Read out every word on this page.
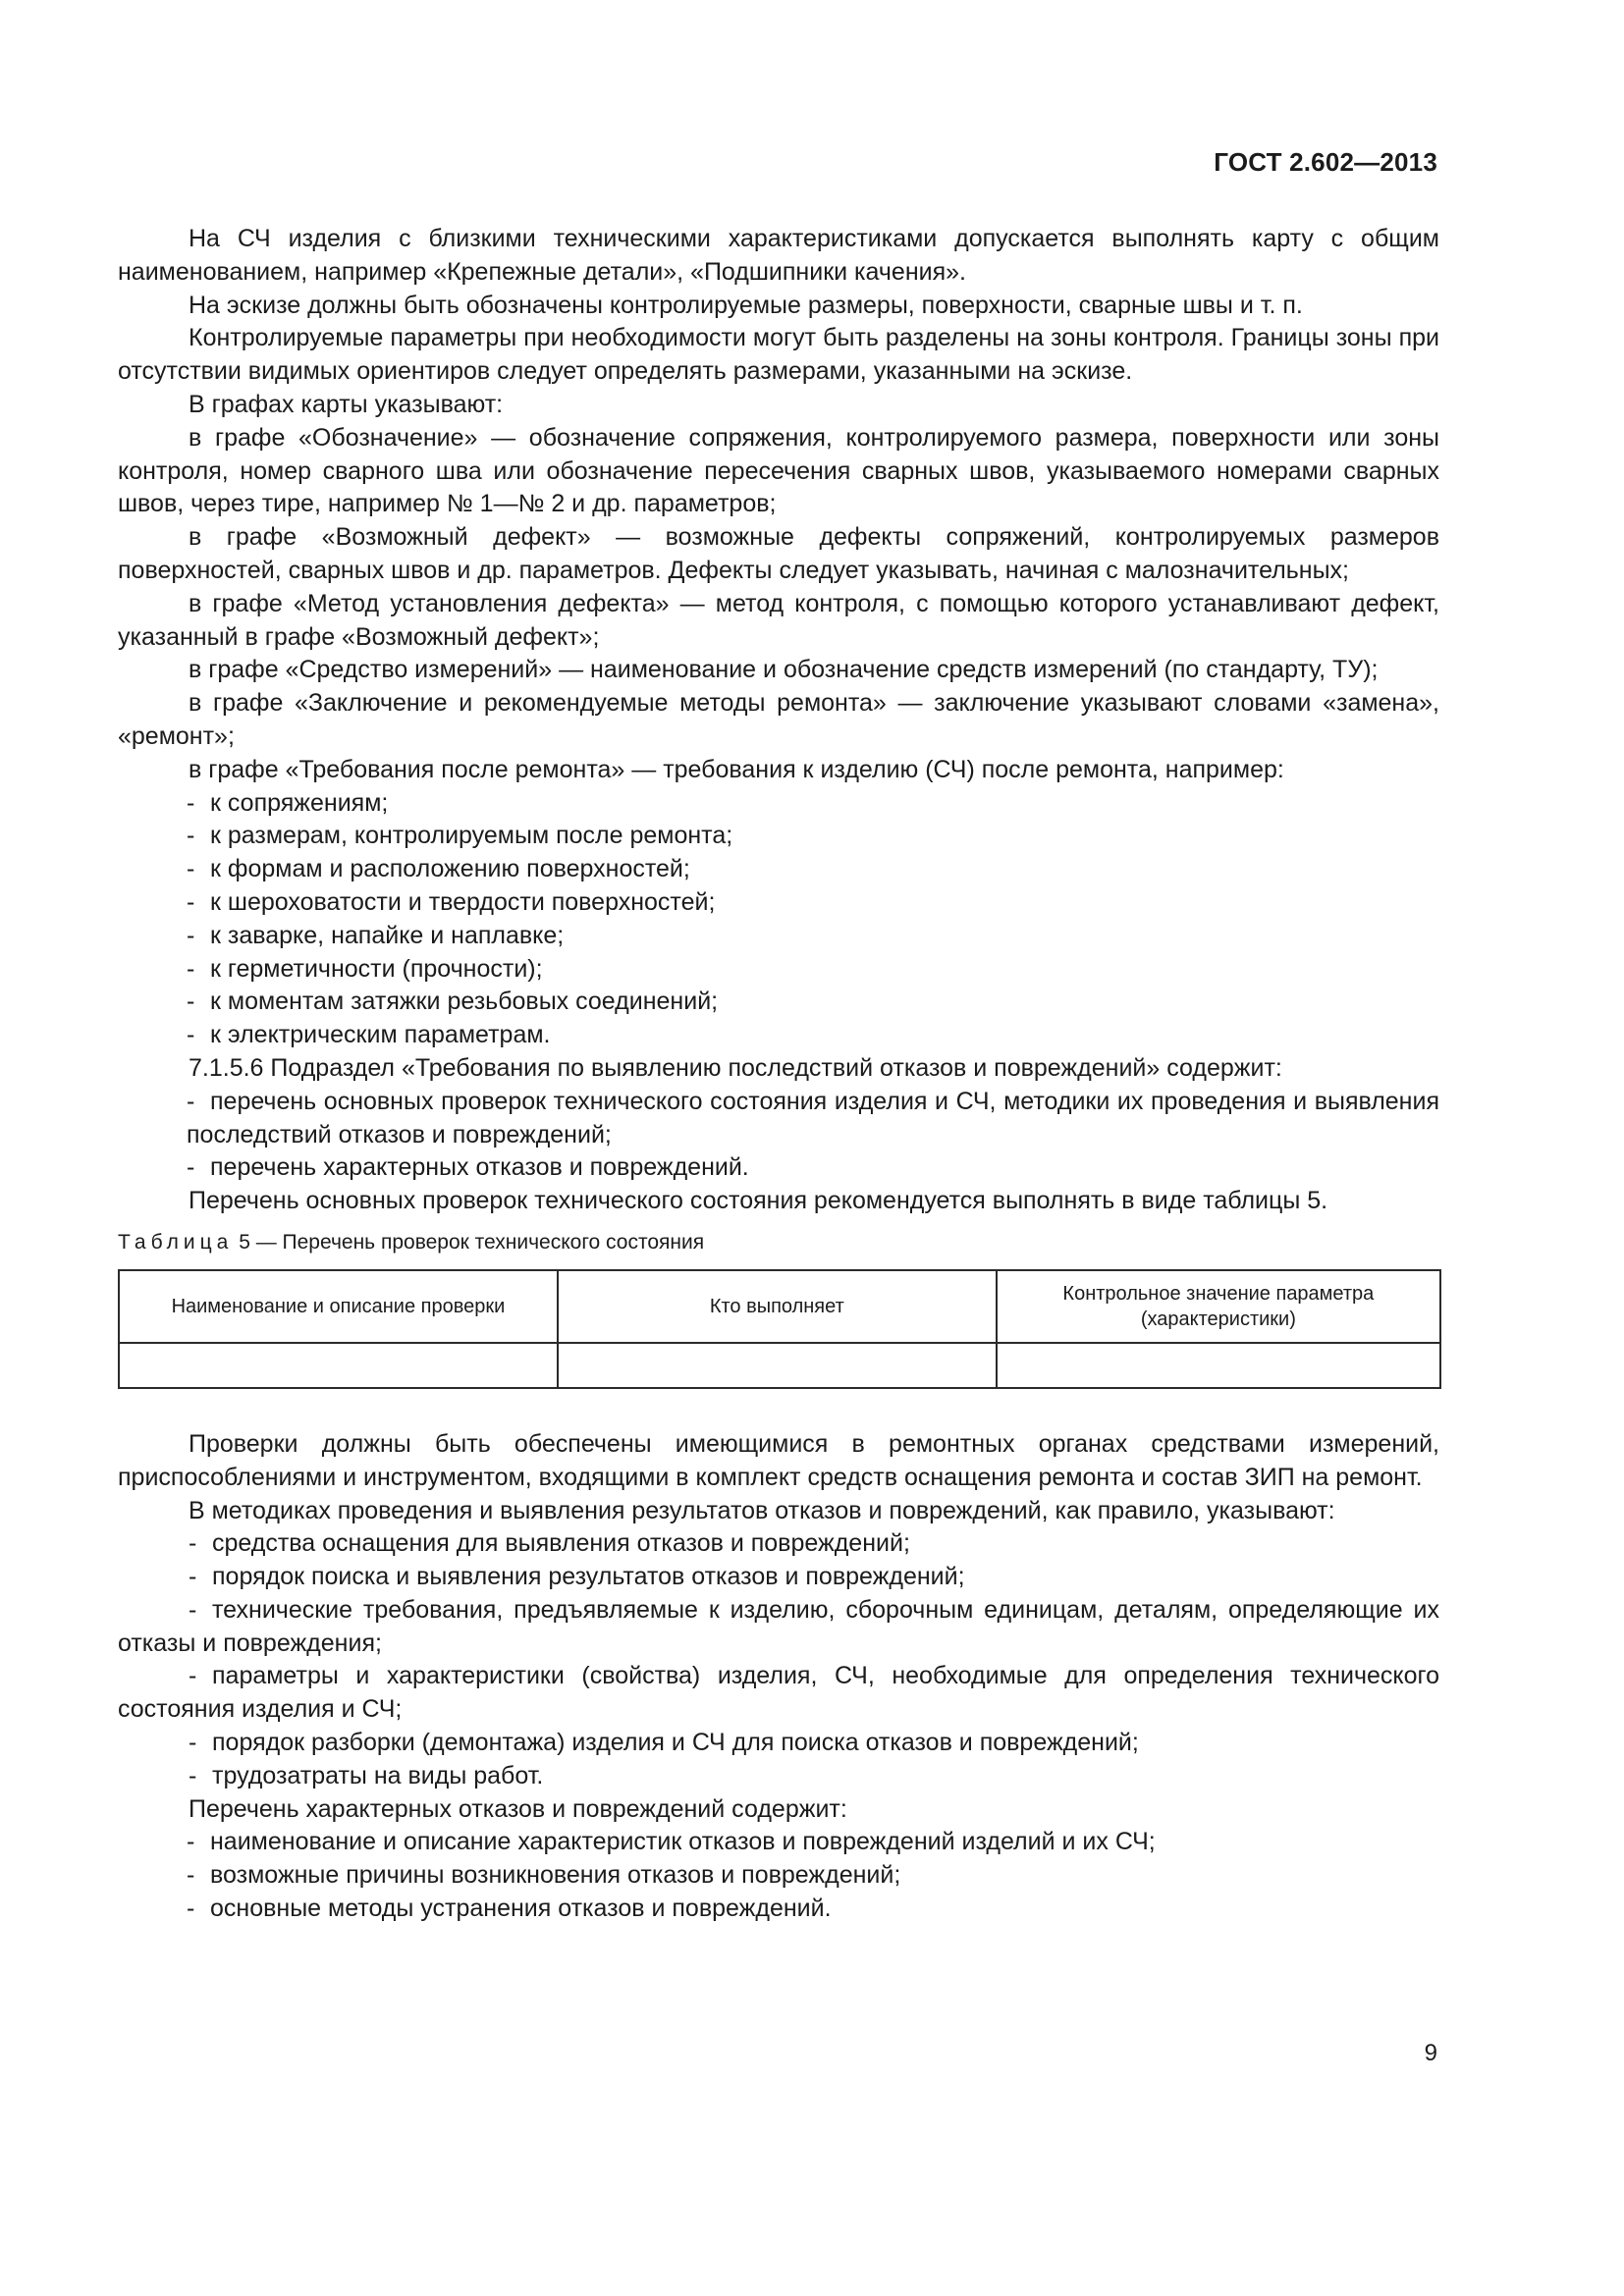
ГОСТ 2.602—2013

На СЧ изделия с близкими техническими характеристиками допускается выполнять карту с общим наименованием, например «Крепежные детали», «Подшипники качения».

На эскизе должны быть обозначены контролируемые размеры, поверхности, сварные швы и т. п.

Контролируемые параметры при необходимости могут быть разделены на зоны контроля. Границы зоны при отсутствии видимых ориентиров следует определять размерами, указанными на эскизе.

В графах карты указывают:

в графе «Обозначение» — обозначение сопряжения, контролируемого размера, поверхности или зоны контроля, номер сварного шва или обозначение пересечения сварных швов, указываемого номерами сварных швов, через тире, например № 1—№ 2 и др. параметров;

в графе «Возможный дефект» — возможные дефекты сопряжений, контролируемых размеров поверхностей, сварных швов и др. параметров. Дефекты следует указывать, начиная с малозначительных;

в графе «Метод установления дефекта» — метод контроля, с помощью которого устанавливают дефект, указанный в графе «Возможный дефект»;

в графе «Средство измерений» — наименование и обозначение средств измерений (по стандарту, ТУ);

в графе «Заключение и рекомендуемые методы ремонта» — заключение указывают словами «замена», «ремонт»;

в графе «Требования после ремонта» — требования к изделию (СЧ) после ремонта, например:

- к сопряжениям;

- к размерам, контролируемым после ремонта;

- к формам и расположению поверхностей;

- к шероховатости и твердости поверхностей;

- к заварке, напайке и наплавке;

- к герметичности (прочности);

- к моментам затяжки резьбовых соединений;

- к электрическим параметрам.

7.1.5.6 Подраздел «Требования по выявлению последствий отказов и повреждений» содержит:

- перечень основных проверок технического состояния изделия и СЧ, методики их проведения и выявления последствий отказов и повреждений;

- перечень характерных отказов и повреждений.

Перечень основных проверок технического состояния рекомендуется выполнять в виде таблицы 5.

Таблица 5 — Перечень проверок технического состояния

Наименование и описание проверки	Кто выполняет	Контрольное значение параметра (характеристики)

Проверки должны быть обеспечены имеющимися в ремонтных органах средствами измерений, приспособлениями и инструментом, входящими в комплект средств оснащения ремонта и состав ЗИП на ремонт.

В методиках проведения и выявления результатов отказов и повреждений, как правило, указывают:

- средства оснащения для выявления отказов и повреждений;

- порядок поиска и выявления результатов отказов и повреждений;

- технические требования, предъявляемые к изделию, сборочным единицам, деталям, определяющие их отказы и повреждения;

- параметры и характеристики (свойства) изделия, СЧ, необходимые для определения технического состояния изделия и СЧ;

- порядок разборки (демонтажа) изделия и СЧ для поиска отказов и повреждений;

- трудозатраты на виды работ.

Перечень характерных отказов и повреждений содержит:

- наименование и описание характеристик отказов и повреждений изделий и их СЧ;

- возможные причины возникновения отказов и повреждений;

- основные методы устранения отказов и повреждений.

9
